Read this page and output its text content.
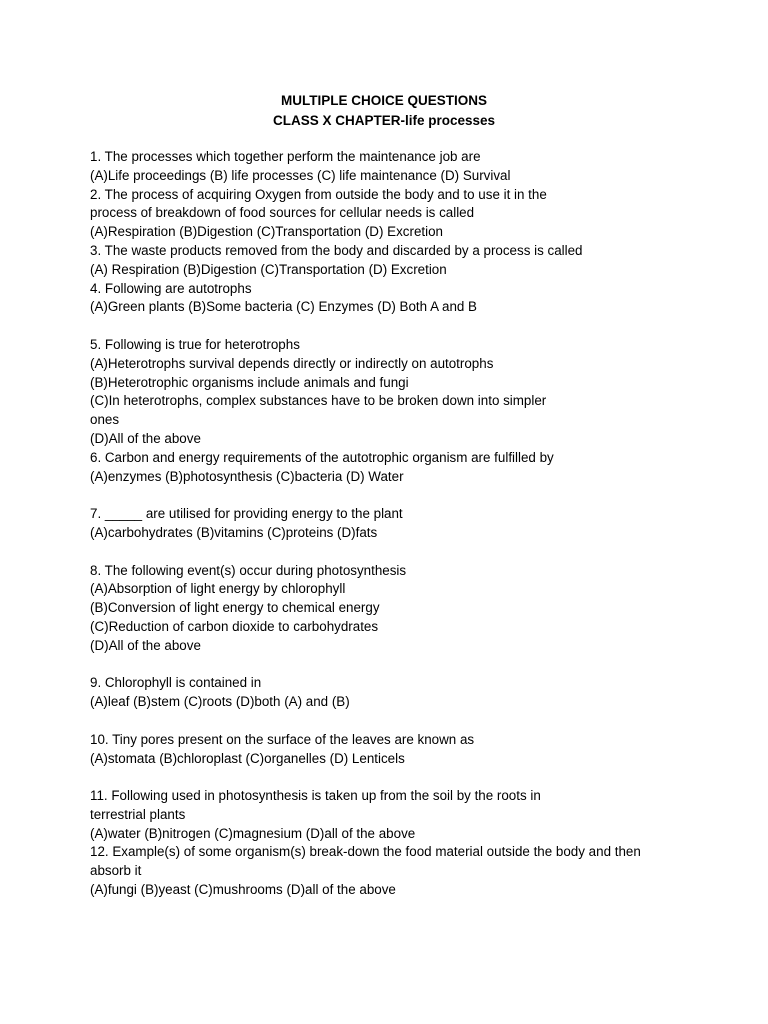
MULTIPLE CHOICE QUESTIONS
CLASS X CHAPTER-life processes
1. The processes which together perform the maintenance job are
(A)Life proceedings (B) life processes (C) life maintenance (D) Survival
2. The process of acquiring Oxygen from outside the body and to use it in the
process of breakdown of food sources for cellular needs is called
(A)Respiration (B)Digestion (C)Transportation (D) Excretion
3. The waste products removed from the body and discarded by a process is called
(A) Respiration (B)Digestion (C)Transportation (D) Excretion
4. Following are autotrophs
(A)Green plants (B)Some bacteria (C) Enzymes (D) Both A and B
5. Following is true for heterotrophs
(A)Heterotrophs survival depends directly or indirectly on autotrophs
(B)Heterotrophic organisms include animals and fungi
(C)In heterotrophs, complex substances have to be broken down into simpler
ones
(D)All of the above
6. Carbon and energy requirements of the autotrophic organism are fulfilled by
(A)enzymes (B)photosynthesis (C)bacteria (D) Water
7. _____ are utilised for providing energy to the plant
(A)carbohydrates (B)vitamins (C)proteins (D)fats
8. The following event(s) occur during photosynthesis
(A)Absorption of light energy by chlorophyll
(B)Conversion of light energy to chemical energy
(C)Reduction of carbon dioxide to carbohydrates
(D)All of the above
9. Chlorophyll is contained in
(A)leaf (B)stem (C)roots (D)both (A) and (B)
10. Tiny pores present on the surface of the leaves are known as
(A)stomata (B)chloroplast (C)organelles (D) Lenticels
11. Following used in photosynthesis is taken up from the soil by the roots in
terrestrial plants
(A)water (B)nitrogen (C)magnesium (D)all of the above
12. Example(s) of some organism(s) break-down the food material outside the body and then
absorb it
(A)fungi (B)yeast (C)mushrooms (D)all of the above
